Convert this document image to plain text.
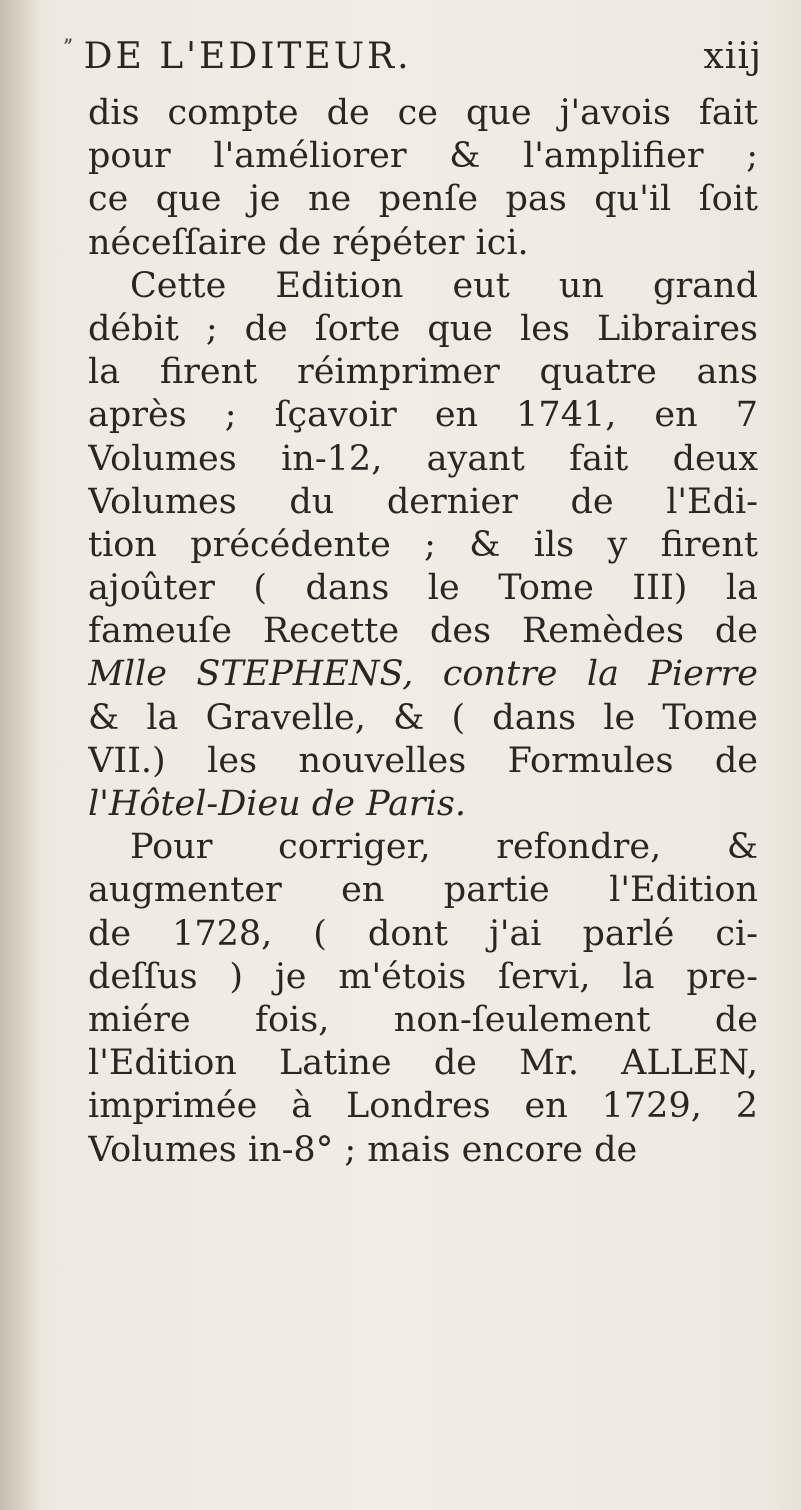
$^ˮ$ DE L'EDITEUR.	xiij
dis compte de ce que j'avois fait
pour l'améliorer & l'amplifier ;
ce que je ne penſe pas qu'il ſoit
néceſſaire de répéter ici.
Cette Edition eut un grand
débit ; de ſorte que les Libraires
la firent réimprimer quatre ans
après ; ſçavoir en 1741, en 7
Volumes in-12, ayant fait deux
Volumes du dernier de l'Edi-
tion précédente ; & ils y firent
ajoûter ( dans le Tome III) la
fameuſe Recette des Remèdes de
Mlle STEPHENS, contre la Pierre
& la Gravelle, & ( dans le Tome
VII.) les nouvelles Formules de
l'Hôtel-Dieu de Paris.
Pour corriger, refondre, &
augmenter en partie l'Edition
de 1728, ( dont j'ai parlé ci-
deſſus ) je m'étois ſervi, la pre-
miére fois, non-ſeulement de
l'Edition Latine de Mr. ALLEN,
imprimée à Londres en 1729, 2
Volumes in-8° ; mais encore de
